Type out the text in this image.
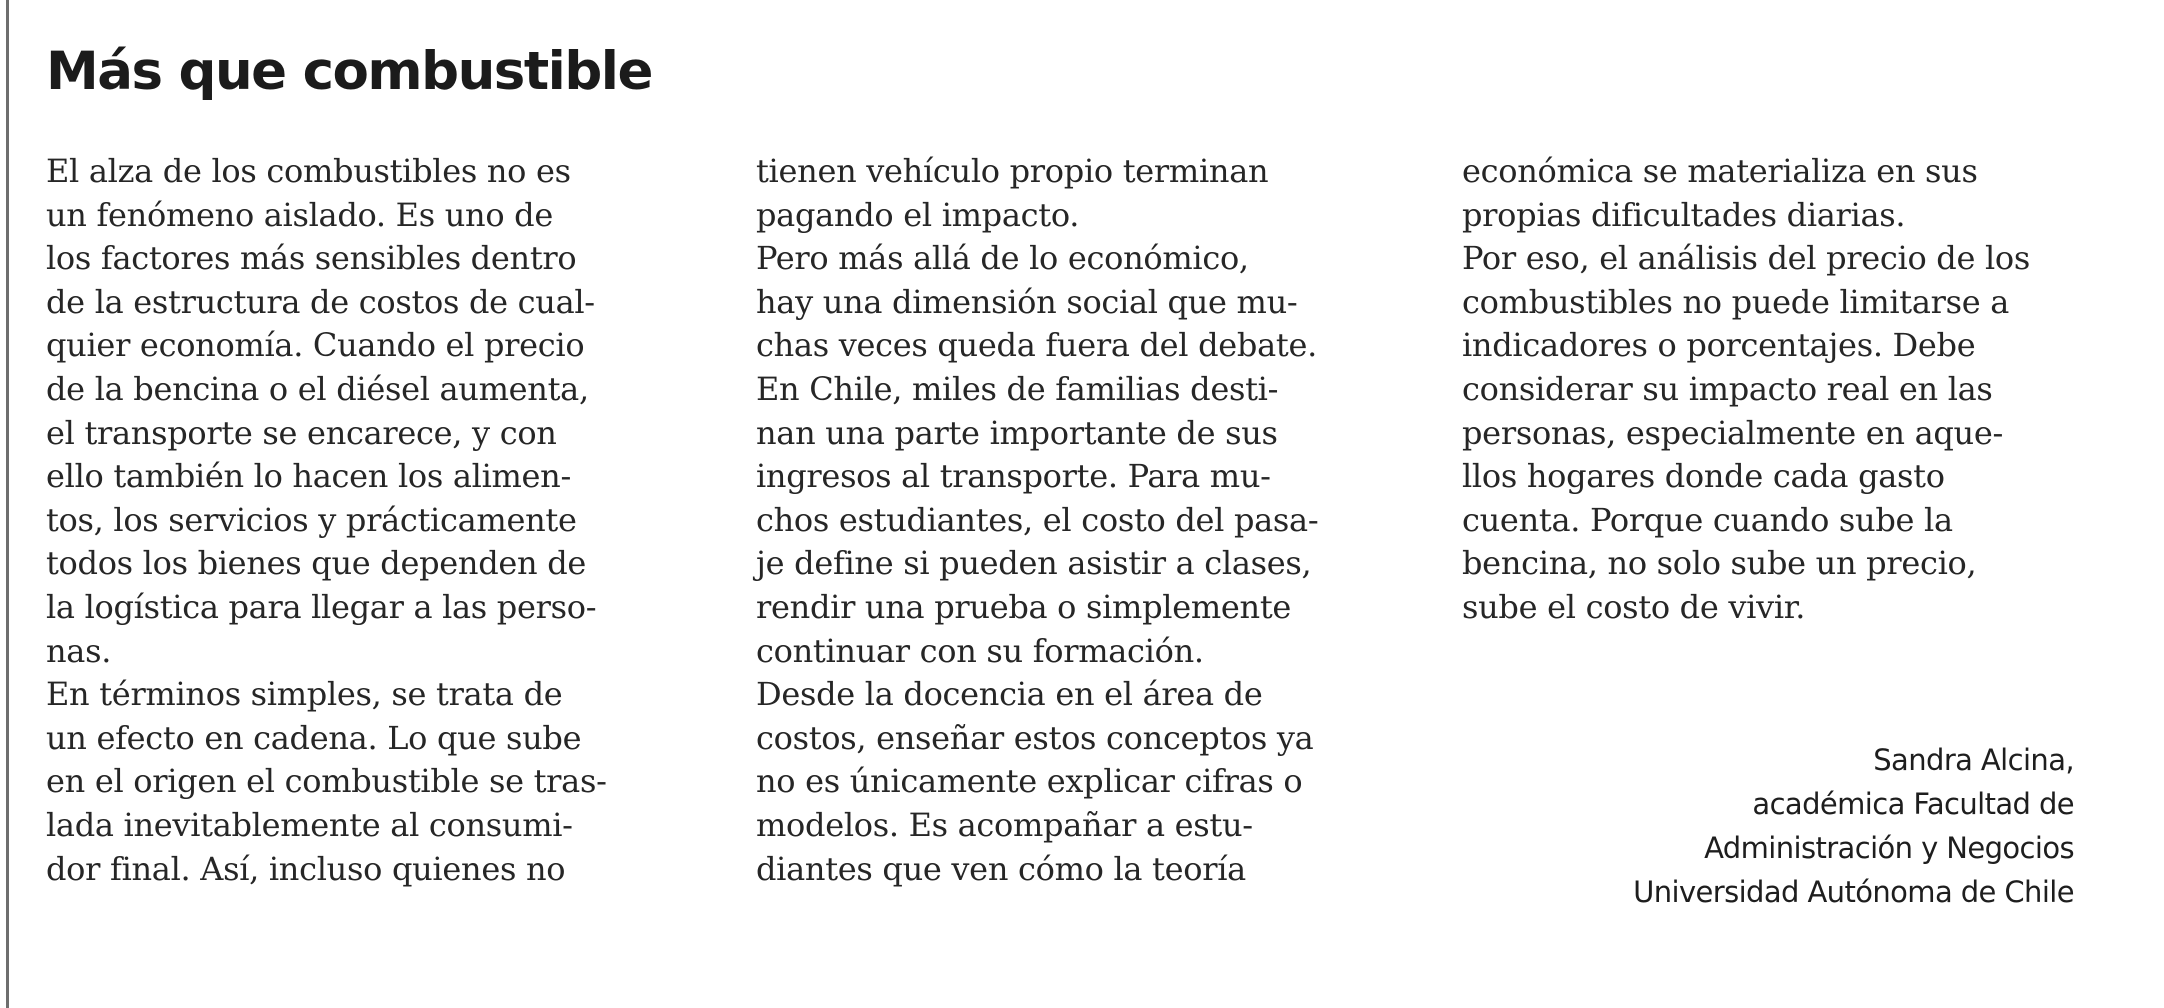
Más que combustible
El alza de los combustibles no es
un fenómeno aislado. Es uno de
los factores más sensibles dentro
de la estructura de costos de cual-
quier economía. Cuando el precio
de la bencina o el diésel aumenta,
el transporte se encarece, y con
ello también lo hacen los alimen-
tos, los servicios y prácticamente
todos los bienes que dependen de
la logística para llegar a las perso-
nas.
En términos simples, se trata de
un efecto en cadena. Lo que sube
en el origen el combustible se tras-
lada inevitablemente al consumi-
dor final. Así, incluso quienes no
tienen vehículo propio terminan
pagando el impacto.
Pero más allá de lo económico,
hay una dimensión social que mu-
chas veces queda fuera del debate.
En Chile, miles de familias desti-
nan una parte importante de sus
ingresos al transporte. Para mu-
chos estudiantes, el costo del pasa-
je define si pueden asistir a clases,
rendir una prueba o simplemente
continuar con su formación.
Desde la docencia en el área de
costos, enseñar estos conceptos ya
no es únicamente explicar cifras o
modelos. Es acompañar a estu-
diantes que ven cómo la teoría
económica se materializa en sus
propias dificultades diarias.
Por eso, el análisis del precio de los
combustibles no puede limitarse a
indicadores o porcentajes. Debe
considerar su impacto real en las
personas, especialmente en aque-
llos hogares donde cada gasto
cuenta. Porque cuando sube la
bencina, no solo sube un precio,
sube el costo de vivir.
Sandra Alcina,
académica Facultad de
Administración y Negocios
Universidad Autónoma de Chile
